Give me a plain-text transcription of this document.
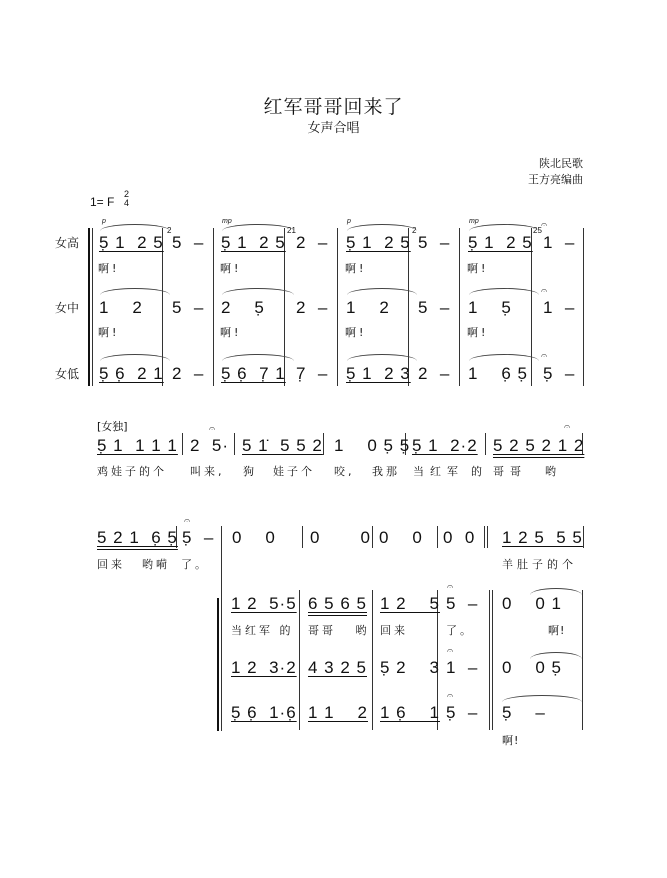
红军哥哥回来了
女声合唱
陕北民歌
王方亮编曲
1= F
2
4
女高
女中
女低
p	mp	p	mp
2	21	2	25 𝄐
𝄐
𝄐
5̣ 1  2 5 5  – 5̣ 1  2 5 2  – 5̣ 1  2 5 5  – 5̣ 1  2 5 1  –
啊!	啊!	啊!	啊!
1    2 5  – 2    5̣ 2  – 1    2 5  – 1    5̣ 1  –
啊!	啊!	啊!	啊!
5̣ 6̣  2 1 2  – 5̣ 6̣  7̣ 1 7̣  – 5̣ 1  2 3 2  – 1    6̣ 5̣ 5̣  –
[女独]	𝄐	𝄐
5̣ 1  1 1 1 2  5· 5 1̇  5 5 2 1    0 5̣ 5̣ 5̣ 1  2·2 5 2 5 2 1 2
鸡娃子的个 叫来, 狗 娃子个 咬, 我那 当红军 的 哥哥 哟
𝄐
5 2 1  6̣ 5̣ 5̣  – 0    0 0       0 0    0 0  0 1 2 5  5 5
回来 哟嗬 了。	羊肚子的个
𝄐
𝄐
𝄐
1 2  5·5 6 5 6 5 1 2    5 5  – 0    0 1
当红军 的 哥哥   哟 回来	了。	啊!
1 2  3·2 4 3 2 5 5̣ 2    3 1  – 0    0 5̣
5̣ 6̣  1·6̣ 1 1    2 1 6̣    1 5̣  – 5̣    –
啊!
